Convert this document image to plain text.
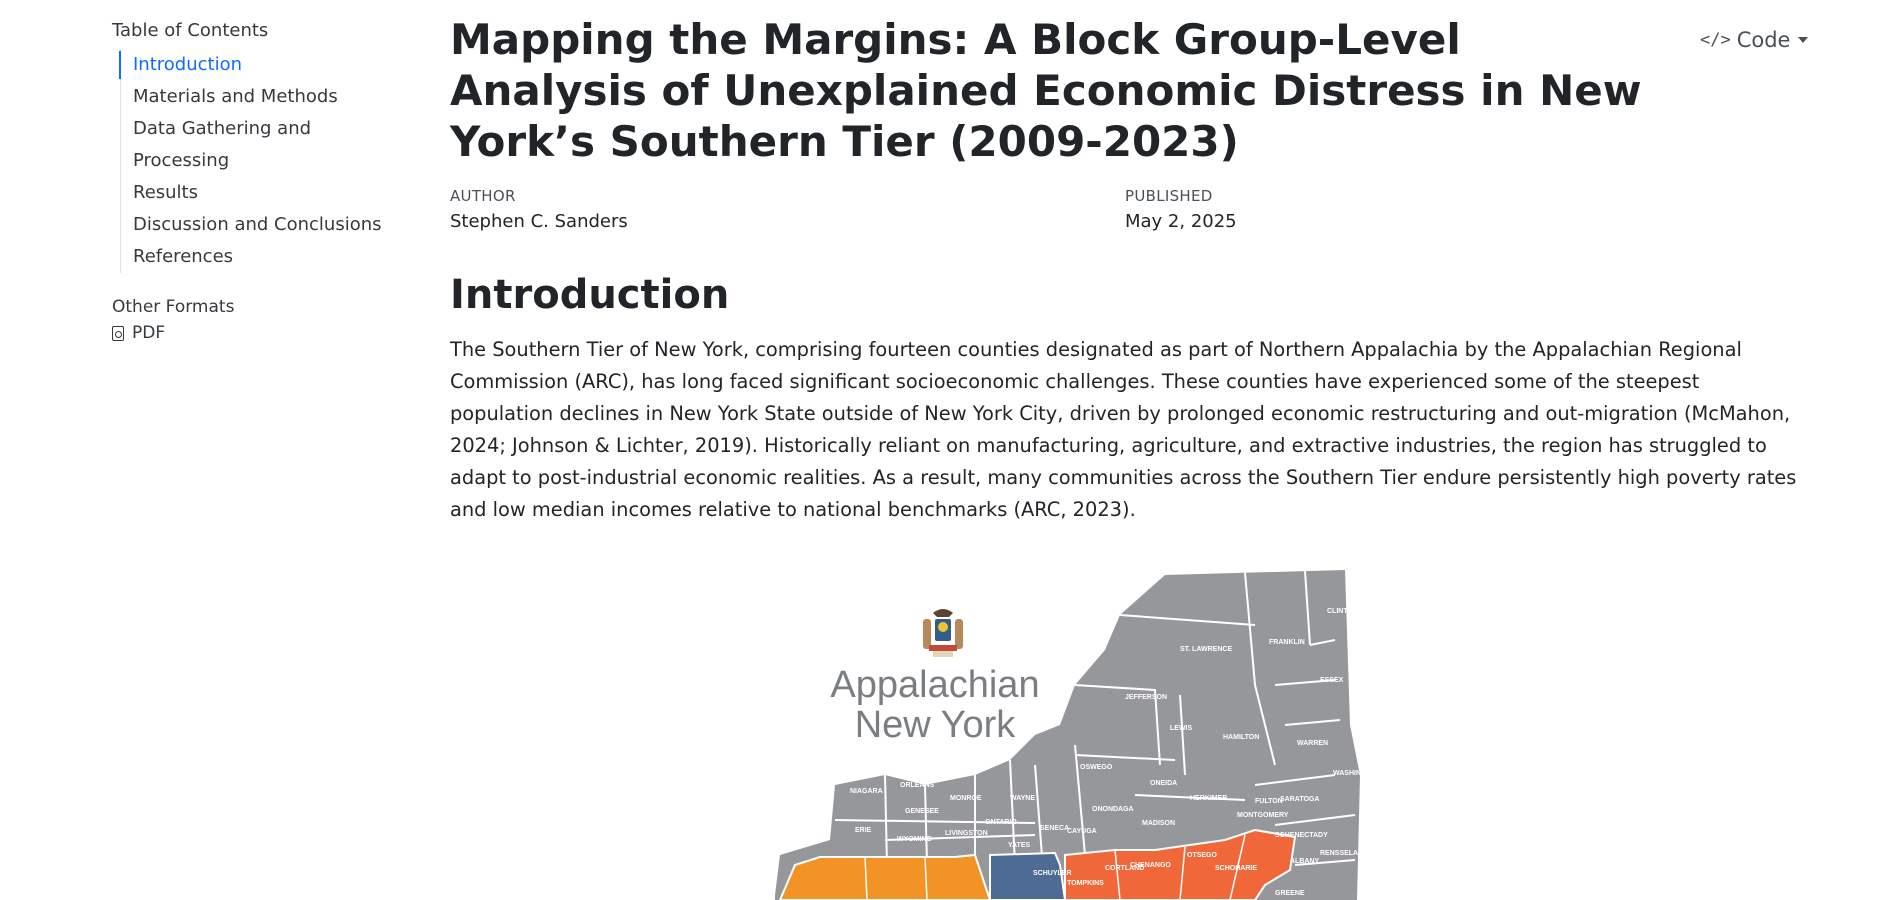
Table of Contents
Introduction
Materials and Methods
Data Gathering and Processing
Results
Discussion and Conclusions
References
Other Formats
PDF
Mapping the Margins: A Block Group-Level Analysis of Unexplained Economic Distress in New York’s Southern Tier (2009-2023)
</> Code
AUTHOR
Stephen C. Sanders
PUBLISHED
May 2, 2025
Introduction

The Southern Tier of New York, comprising fourteen counties designated as part of Northern Appalachia by the Appalachian Regional Commission (ARC), has long faced significant socioeconomic challenges. These counties have experienced some of the steepest population declines in New York State outside of New York City, driven by prolonged economic restructuring and out-migration (McMahon, 2024; Johnson & Lichter, 2019). Historically reliant on manufacturing, agriculture, and extractive industries, the region has struggled to adapt to post-industrial economic realities. As a result, many communities across the Southern Tier endure persistently high poverty rates and low median incomes relative to national benchmarks (ARC, 2023).

CLINTON
FRANKLIN
ST. LAWRENCE
ESSEX
JEFFERSON
LEWIS
HAMILTON
WARREN
WASHINGTON
OSWEGO
ONEIDA
HERKIMER	FULTON
SARATOGA
NIAGARA
ORLEANS
MONROE	WAYNE
GENESEE
ONTARIO
LIVINGSTON
WYOMING
ERIE
YATES
SENECA
CAYUGA
ONONDAGA
MADISON
MONTGOMERY
SCHENECTADY
ALBANY
RENSSELAER
SCHUYLER
TOMPKINS
CORTLAND
CHENANGO
OTSEGO
SCHOHARIE
GREENE
Appalachian
New York
